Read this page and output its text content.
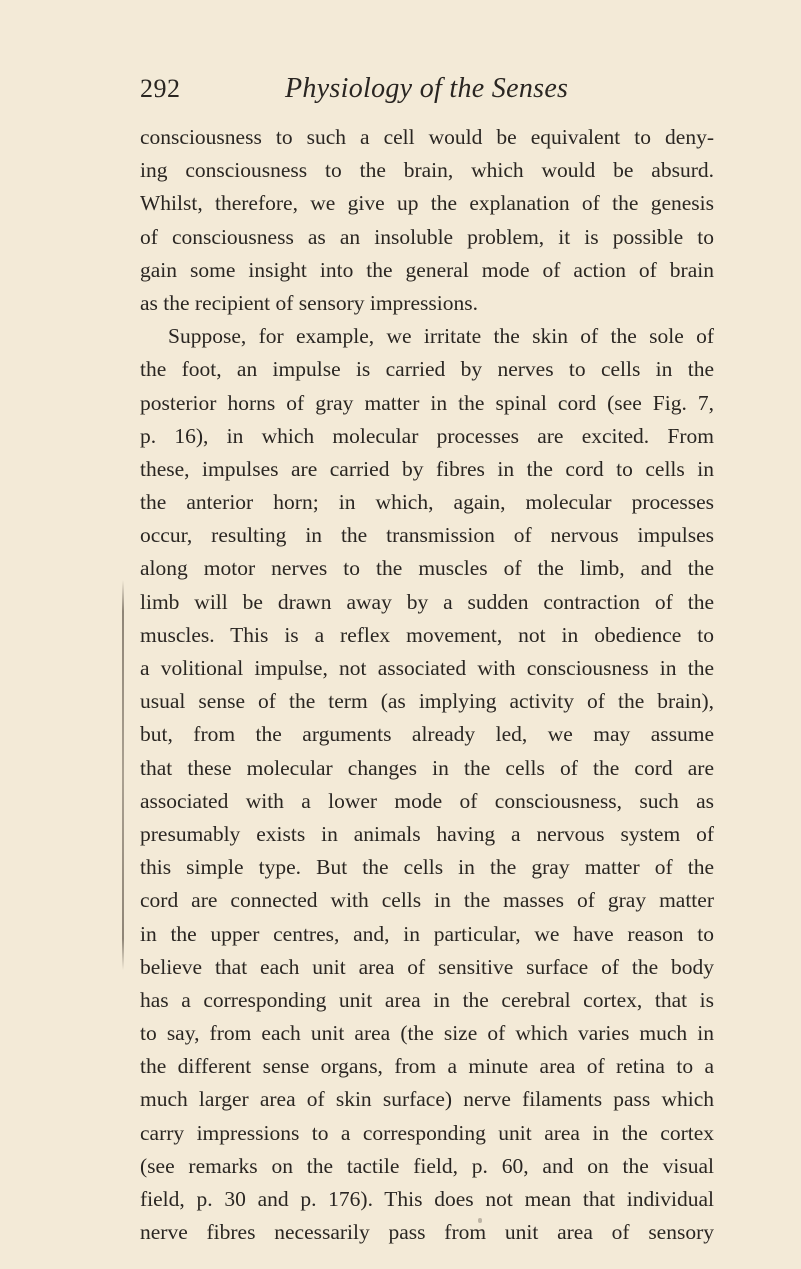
292	Physiology of the Senses
consciousness to such a cell would be equivalent to deny-
ing consciousness to the brain, which would be absurd.
Whilst, therefore, we give up the explanation of the genesis
of consciousness as an insoluble problem, it is possible to
gain some insight into the general mode of action of brain
as the recipient of sensory impressions.
Suppose, for example, we irritate the skin of the sole of
the foot, an impulse is carried by nerves to cells in the
posterior horns of gray matter in the spinal cord (see Fig. 7,
p. 16), in which molecular processes are excited. From
these, impulses are carried by fibres in the cord to cells in
the anterior horn; in which, again, molecular processes
occur, resulting in the transmission of nervous impulses
along motor nerves to the muscles of the limb, and the
limb will be drawn away by a sudden contraction of the
muscles. This is a reflex movement, not in obedience to
a volitional impulse, not associated with consciousness in the
usual sense of the term (as implying activity of the brain),
but, from the arguments already led, we may assume
that these molecular changes in the cells of the cord are
associated with a lower mode of consciousness, such as
presumably exists in animals having a nervous system of
this simple type. But the cells in the gray matter of the
cord are connected with cells in the masses of gray matter
in the upper centres, and, in particular, we have reason to
believe that each unit area of sensitive surface of the body
has a corresponding unit area in the cerebral cortex, that is
to say, from each unit area (the size of which varies much in
the different sense organs, from a minute area of retina to a
much larger area of skin surface) nerve filaments pass which
carry impressions to a corresponding unit area in the cortex
(see remarks on the tactile field, p. 60, and on the visual
field, p. 30 and p. 176). This does not mean that individual
nerve fibres necessarily pass from unit area of sensory
